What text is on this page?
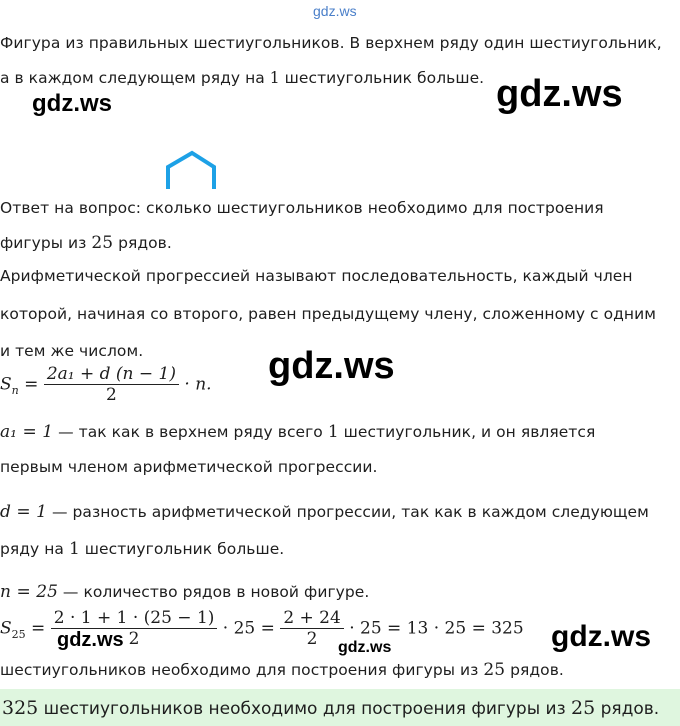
gdz.ws
Фигура из правильных шестиугольников. В верхнем ряду один шестиугольник,
а в каждом следующем ряду на 1 шестиугольник больше.
gdz.ws	gdz.ws
Ответ на вопрос: сколько шестиугольников необходимо для построения
фигуры из 25 рядов.
Арифметической прогрессией называют последовательность, каждый член
которой, начиная со второго, равен предыдущему члену, сложенному с одним
и тем же числом.	gdz.ws
$S_n = \frac{\text{2a₁ + d (n − 1)}}{2} \cdot n$.
a₁ = 1 — так как в верхнем ряду всего 1 шестиугольник, и он является
первым членом арифметической прогрессии.
d = 1 — разность арифметической прогрессии, так как в каждом следующем
ряду на 1 шестиугольник больше.
n = 25 — количество рядов в новой фигуре.
$S_{25} = \frac{2 \cdot 1 + 1 \cdot (25 - 1)}{2} \cdot 25 = \frac{2 + 24}{2} \cdot 25 = 13 \cdot 25 = 325$
gdz.ws	gdz.ws	gdz.ws
шестиугольников необходимо для построения фигуры из 25 рядов.
325 шестиугольников необходимо для построения фигуры из 25 рядов.
